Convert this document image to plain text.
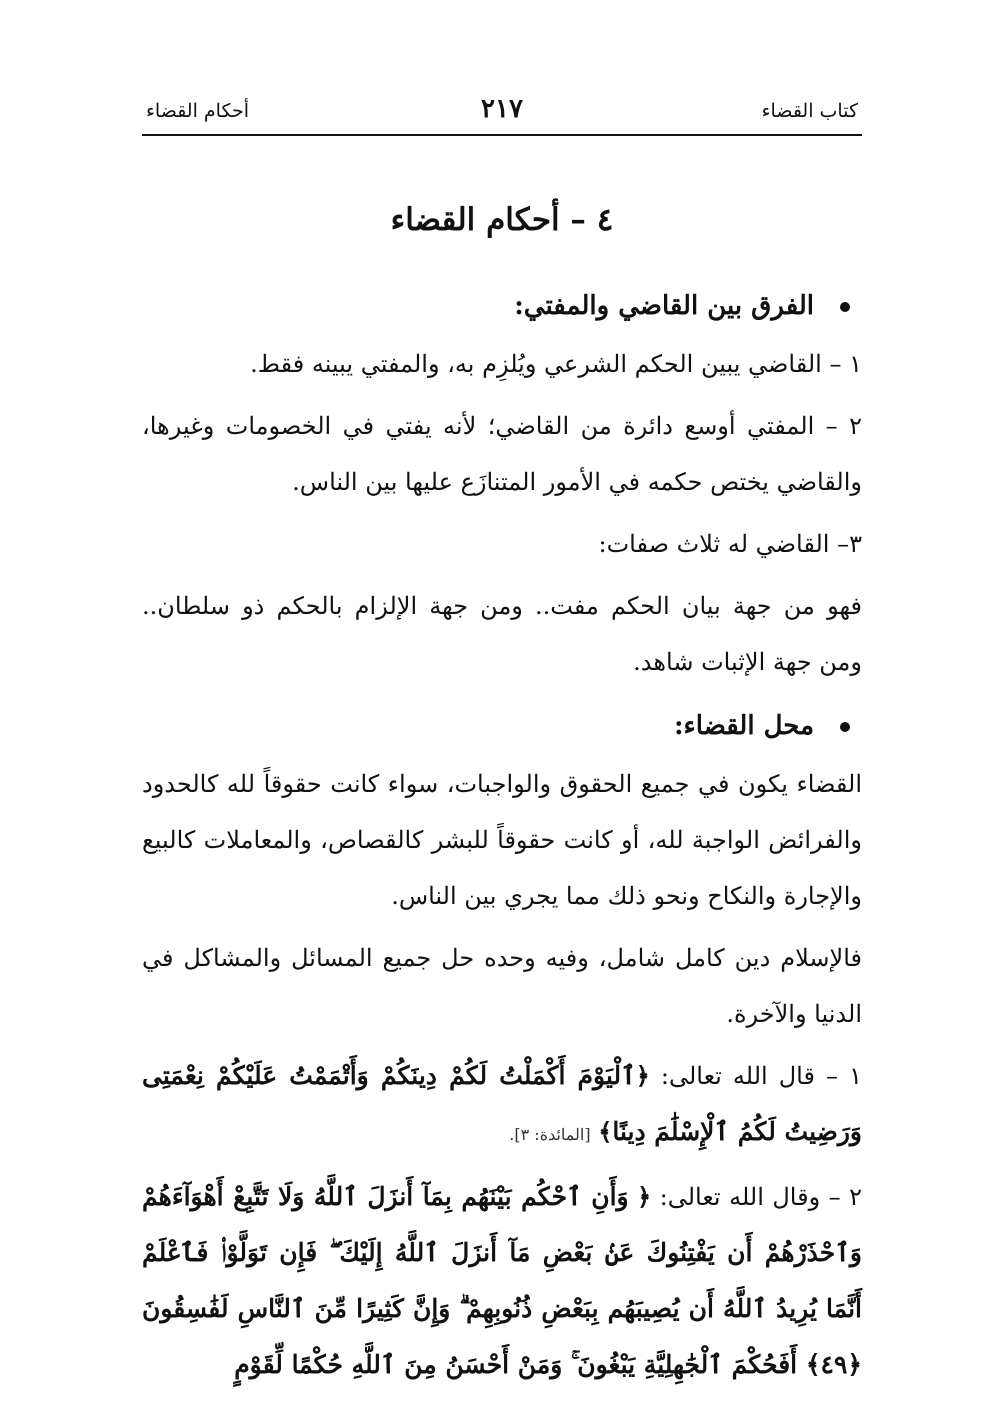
كتاب القضاء
٢١٧
أحكام القضاء
٤ – أحكام القضاء
الفرق بين القاضي والمفتي:

١ – القاضي يبين الحكم الشرعي ويُلزِم به، والمفتي يبينه فقط.

٢ – المفتي أوسع دائرة من القاضي؛ لأنه يفتي في الخصومات وغيرها، والقاضي يختص حكمه في الأمور المتنازَع عليها بين الناس.

٣– القاضي له ثلاث صفات:

فهو من جهة بيان الحكم مفت.. ومن جهة الإلزام بالحكم ذو سلطان.. ومن جهة الإثبات شاهد.

محل القضاء:

القضاء يكون في جميع الحقوق والواجبات، سواء كانت حقوقاً لله كالحدود والفرائض الواجبة لله، أو كانت حقوقاً للبشر كالقصاص، والمعاملات كالبيع والإجارة والنكاح ونحو ذلك مما يجري بين الناس.

فالإسلام دين كامل شامل، وفيه وحده حل جميع المسائل والمشاكل في الدنيا والآخرة.

١ – قال الله تعالى: ﴿ٱلْيَوْمَ أَكْمَلْتُ لَكُمْ دِينَكُمْ وَأَتْمَمْتُ عَلَيْكُمْ نِعْمَتِى وَرَضِيتُ لَكُمُ ٱلْإِسْلَٰمَ دِينًا﴾ [المائدة: ٣].

٢ – وقال الله تعالى: ﴿ وَأَنِ ٱحْكُم بَيْنَهُم بِمَآ أَنزَلَ ٱللَّهُ وَلَا تَتَّبِعْ أَهْوَآءَهُمْ وَٱحْذَرْهُمْ أَن يَفْتِنُوكَ عَنۢ بَعْضِ مَآ أَنزَلَ ٱللَّهُ إِلَيْكَ ۖ فَإِن تَوَلَّوْا۟ فَٱعْلَمْ أَنَّمَا يُرِيدُ ٱللَّهُ أَن يُصِيبَهُم بِبَعْضِ ذُنُوبِهِمْ ۗ وَإِنَّ كَثِيرًا مِّنَ ٱلنَّاسِ لَفَٰسِقُونَ ﴿٤٩﴾ أَفَحُكْمَ ٱلْجَٰهِلِيَّةِ يَبْغُونَ ۚ وَمَنْ أَحْسَنُ مِنَ ٱللَّهِ حُكْمًا لِّقَوْمٍ
